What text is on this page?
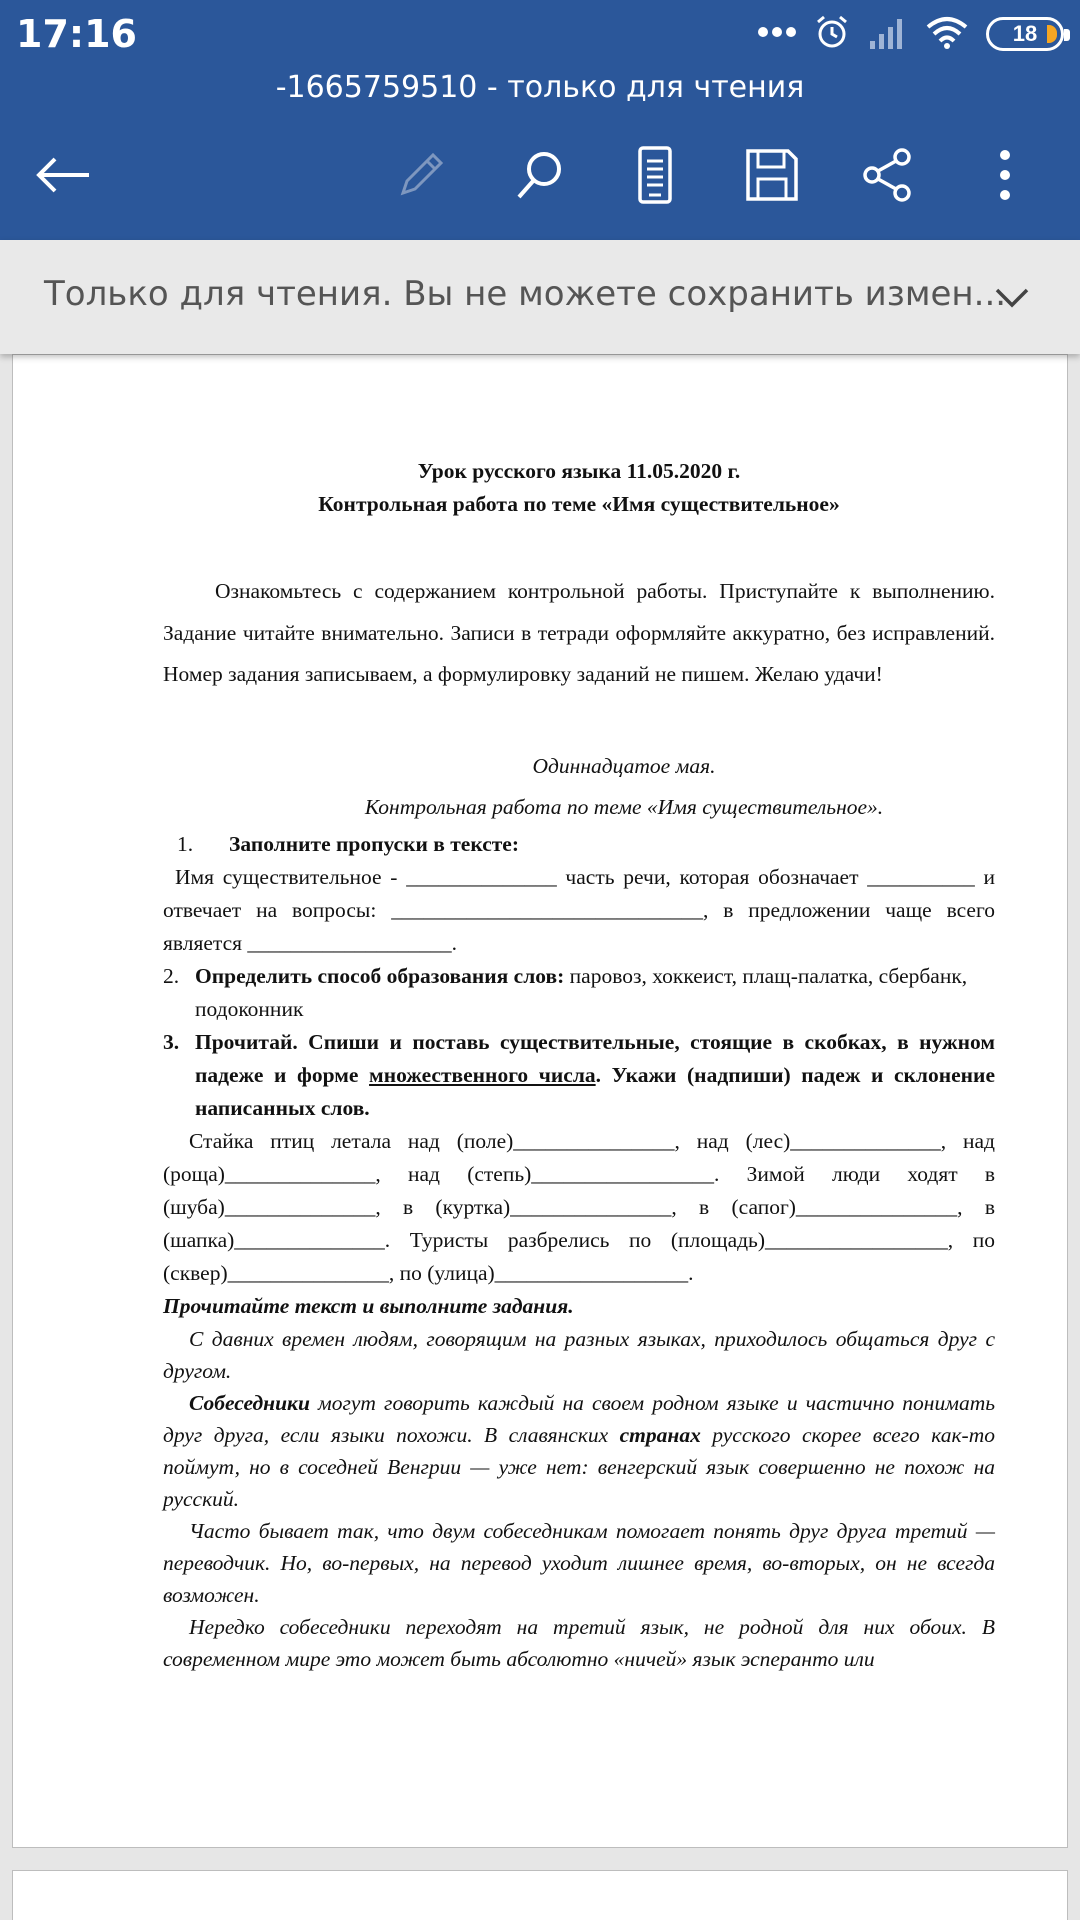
17:16	18
-1665759510 - только для чтения
Только для чтения. Вы не можете сохранить измен...

Урок русского языка 11.05.2020 г.

Контрольная работа по теме «Имя существительное»

Ознакомьтесь с содержанием контрольной работы. Приступайте к выполнению. Задание читайте внимательно. Записи в тетради оформляйте аккуратно, без исправлений. Номер задания записываем, а формулировку заданий не пишем. Желаю удачи!

Одиннадцатое мая.

Контрольная работа по теме «Имя существительное».

1. Заполните пропуски в тексте:

Имя существительное - ______________ часть речи, которая обозначает __________ и отвечает на вопросы: _____________________________, в предложении чаще всего является ___________________.

2. Определить способ образования слов: паровоз, хоккеист, плащ-палатка, сбербанк, подоконник

3. Прочитай. Спиши и поставь существительные, стоящие в скобках, в нужном падеже и форме множественного числа. Укажи (надпиши) падеж и склонение написанных слов.

Стайка птиц летала над (поле)_______________, над (лес)______________, над (роща)______________, над (степь)_________________. Зимой люди ходят в (шуба)______________, в (куртка)_______________, в (сапог)_______________, в (шапка)______________. Туристы разбрелись по (площадь)_________________, по (сквер)_______________, по (улица)__________________.

Прочитайте текст и выполните задания.

С давних времен людям, говорящим на разных языках, приходилось общаться друг с другом.

Собеседники могут говорить каждый на своем родном языке и частично понимать друг друга, если языки похожи. В славянских странах русского скорее всего как-то поймут, но в соседней Венгрии — уже нет: венгерский язык совершенно не похож на русский.

Часто бывает так, что двум собеседникам помогает понять друг друга третий — переводчик. Но, во-первых, на перевод уходит лишнее время, во-вторых, он не всегда возможен.

Нередко собеседники переходят на третий язык, не родной для них обоих. В современном мире это может быть абсолютно «ничей» язык эсперанто или
